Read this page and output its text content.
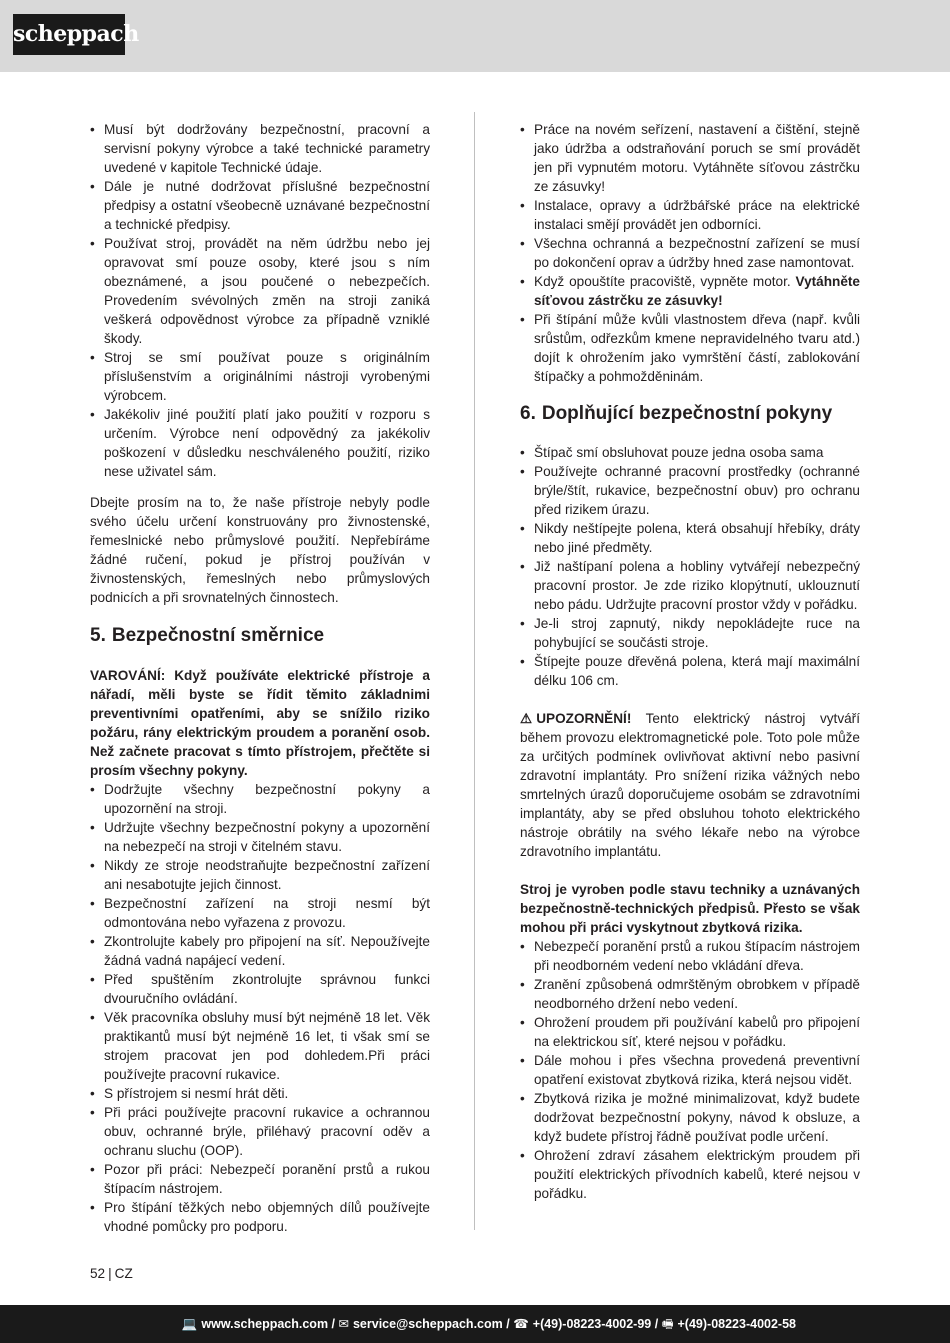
scheppach
• Musí být dodržovány bezpečnostní, pracovní a servisní pokyny výrobce a také technické parametry uvedené v kapitole Technické údaje.
• Dále je nutné dodržovat příslušné bezpečnostní předpisy a ostatní všeobecně uznávané bezpečnostní a technické předpisy.
• Používat stroj, provádět na něm údržbu nebo jej opravovat smí pouze osoby, které jsou s ním obeznámené, a jsou poučené o nebezpečích. Provedením svévolných změn na stroji zaniká veškerá odpovědnost výrobce za případně vzniklé škody.
• Stroj se smí používat pouze s originálním příslušenstvím a originálními nástroji vyrobenými výrobcem.
• Jakékoliv jiné použití platí jako použití v rozporu s určením. Výrobce není odpovědný za jakékoliv poškození v důsledku neschváleného použití, riziko nese uživatel sám.

Dbejte prosím na to, že naše přístroje nebyly podle svého účelu určení konstruovány pro živnostenské, řemeslnické nebo průmyslové použití. Nepřebíráme žádné ručení, pokud je přístroj používán v živnostenských, řemeslných nebo průmyslových podnicích a při srovnatelných činnostech.

5. Bezpečnostní směrnice

VAROVÁNÍ: Když používáte elektrické přístroje a nářadí, měli byste se řídit těmito základnimi preventivními opatřeními, aby se snížilo riziko požáru, rány elektrickým proudem a poranění osob. Než začnete pracovat s tímto přístrojem, přečtěte si prosím všechny pokyny.

• Dodržujte všechny bezpečnostní pokyny a upozornění na stroji.
• Udržujte všechny bezpečnostní pokyny a upozornění na nebezpečí na stroji v čitelném stavu.
• Nikdy ze stroje neodstraňujte bezpečnostní zařízení ani nesabotujte jejich činnost.
• Bezpečnostní zařízení na stroji nesmí být odmontována nebo vyřazena z provozu.
• Zkontrolujte kabely pro připojení na síť. Nepoužívejte žádná vadná napájecí vedení.
• Před spuštěním zkontrolujte správnou funkci dvouručního ovládání.
• Věk pracovníka obsluhy musí být nejméně 18 let. Věk praktikantů musí být nejméně 16 let, ti však smí se strojem pracovat jen pod dohledem.Při práci používejte pracovní rukavice.
• S přístrojem si nesmí hrát děti.
• Při práci používejte pracovní rukavice a ochrannou obuv, ochranné brýle, přiléhavý pracovní oděv a ochranu sluchu (OOP).
• Pozor při práci: Nebezpečí poranění prstů a rukou štípacím nástrojem.
• Pro štípání těžkých nebo objemných dílů používejte vhodné pomůcky pro podporu.
• Práce na novém seřízení, nastavení a čištění, stejně jako údržba a odstraňování poruch se smí provádět jen při vypnutém motoru. Vytáhněte síťovou zástrčku ze zásuvky!
• Instalace, opravy a údržbářské práce na elektrické instalaci smějí provádět jen odborníci.
• Všechna ochranná a bezpečnostní zařízení se musí po dokončení oprav a údržby hned zase namontovat.
• Když opouštíte pracoviště, vypněte motor. Vytáhněte síťovou zástrčku ze zásuvky!
• Při štípání může kvůli vlastnostem dřeva (např. kvůli srůstům, odřezkům kmene nepravidelného tvaru atd.) dojít k ohrožením jako vymrštění částí, zablokování štípačky a pohmožděninám.
6. Doplňující bezpečnostní pokyny
• Štípač smí obsluhovat pouze jedna osoba sama
• Používejte ochranné pracovní prostředky (ochranné brýle/štít, rukavice, bezpečnostní obuv) pro ochranu před rizikem úrazu.
• Nikdy neštípejte polena, která obsahují hřebíky, dráty nebo jiné předměty.
• Již naštípaní polena a hobliny vytvářejí nebezpečný pracovní prostor. Je zde riziko klopýtnutí, uklouznutí nebo pádu. Udržujte pracovní prostor vždy v pořádku.
• Je-li stroj zapnutý, nikdy nepokládejte ruce na pohybující se součásti stroje.
• Štípejte pouze dřevěná polena, která mají maximální délku 106 cm.

⚠ UPOZORNĚNÍ! Tento elektrický nástroj vytváří během provozu elektromagnetické pole. Toto pole může za určitých podmínek ovlivňovat aktivní nebo pasivní zdravotní implantáty. Pro snížení rizika vážných nebo smrtelných úrazů doporučujeme osobám se zdravotními implantáty, aby se před obsluhou tohoto elektrického nástroje obrátily na svého lékaře nebo na výrobce zdravotního implantátu.

Stroj je vyroben podle stavu techniky a uznávaných bezpečnostně-technických předpisů. Přesto se však mohou při práci vyskytnout zbytková rizika.

• Nebezpečí poranění prstů a rukou štípacím nástrojem při neodborném vedení nebo vkládání dřeva.
• Zranění způsobená odmrštěným obrobkem v případě neodborného držení nebo vedení.
• Ohrožení proudem při používání kabelů pro připojení na elektrickou síť, které nejsou v pořádku.
• Dále mohou i přes všechna provedená preventivní opatření existovat zbytková rizika, která nejsou vidět.
• Zbytková rizika je možné minimalizovat, když budete dodržovat bezpečnostní pokyny, návod k obsluze, a když budete přístroj řádně používat podle určení.
• Ohrožení zdraví zásahem elektrickým proudem při použití elektrických přívodních kabelů, které nejsou v pořádku.
52 | CZ
💻 www.scheppach.com / ✉ service@scheppach.com / ☎ +(49)-08223-4002-99 / 🖷 +(49)-08223-4002-58
